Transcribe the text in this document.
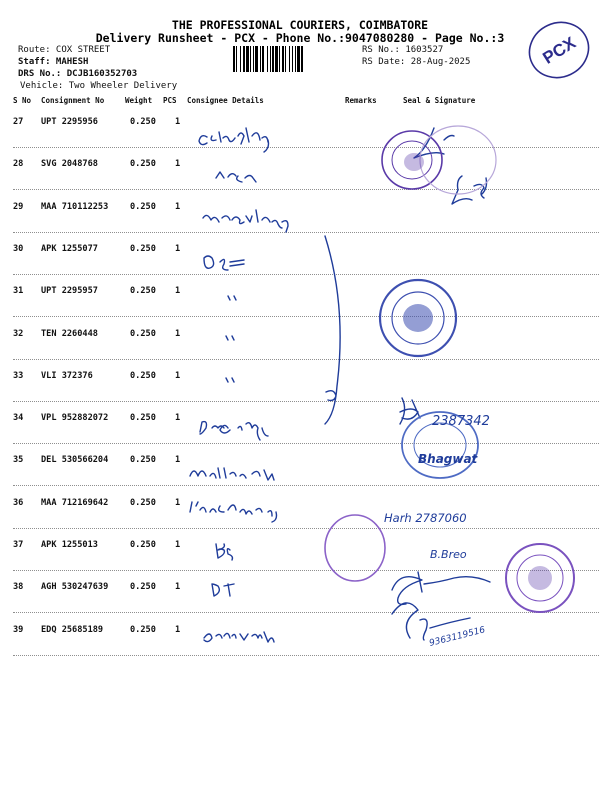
THE PROFESSIONAL COURIERS, COIMBATORE
Delivery Runsheet - PCX - Phone No.:9047080280 - Page No.:3
Route: COX STREET
Staff: MAHESH
DRS No.: DCJB160352703
Vehicle: Two Wheeler Delivery
RS No.: 1603527
RS Date: 28-Aug-2025	PCX
S No Consignment No	Weight PCS Consignee Details	Remarks	Seal & Signature
27 UPT 2295956	0.250 1
28 SVG 2048768	0.250 1
29 MAA 710112253	0.250 1
30 APK 1255077	0.250 1
31 UPT 2295957	0.250 1
32 TEN 2260448	0.250 1
33 VLI 372376	0.250 1
34 VPL 952882072	0.250 1
35 DEL 530566204	0.250 1
36 MAA 712169642	0.250 1
37 APK 1255013	0.250 1
38 AGH 530247639	0.250 1
39 EDQ 25685189	0.250 1
2387342
Bhagwat
Harh 2787060
B.Breo
9363119516
